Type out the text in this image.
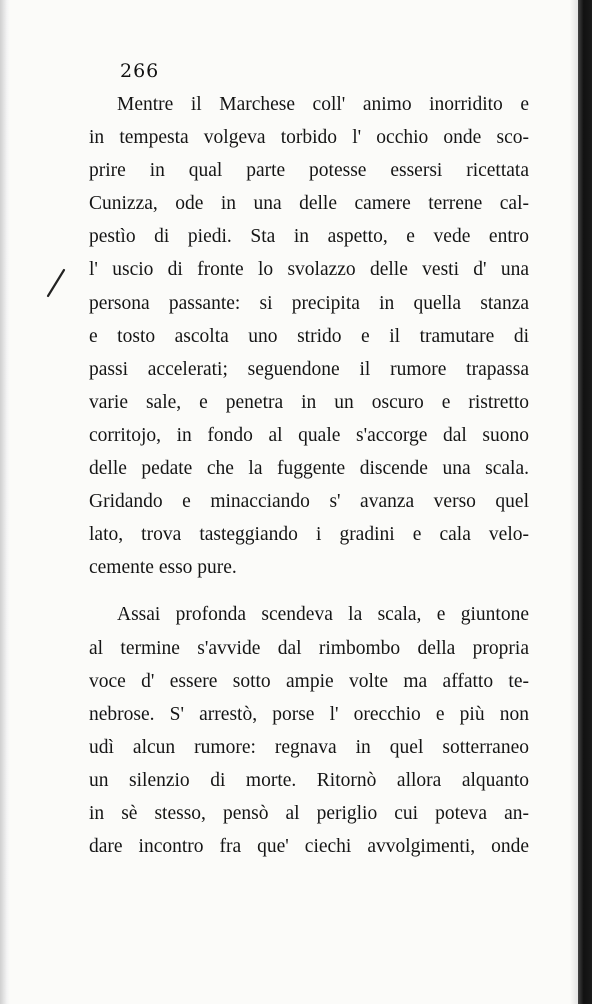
266
Mentre il Marchese coll' animo inorridito e
in tempesta volgeva torbido l' occhio onde sco-
prire in qual parte potesse essersi ricettata
Cunizza, ode in una delle camere terrene cal-
pestìo di piedi. Sta in aspetto, e vede entro
l' uscio di fronte lo svolazzo delle vesti d' una
persona passante: si precipita in quella stanza
e tosto ascolta uno strido e il tramutare di
passi accelerati; seguendone il rumore trapassa
varie sale, e penetra in un oscuro e ristretto
corritojo, in fondo al quale s'accorge dal suono
delle pedate che la fuggente discende una scala.
Gridando e minacciando s' avanza verso quel
lato, trova tasteggiando i gradini e cala velo-
cemente esso pure.
Assai profonda scendeva la scala, e giuntone
al termine s'avvide dal rimbombo della propria
voce d' essere sotto ampie volte ma affatto te-
nebrose. S' arrestò, porse l' orecchio e più non
udì alcun rumore: regnava in quel sotterraneo
un silenzio di morte. Ritornò allora alquanto
in sè stesso, pensò al periglio cui poteva an-
dare incontro fra que' ciechi avvolgimenti, onde
